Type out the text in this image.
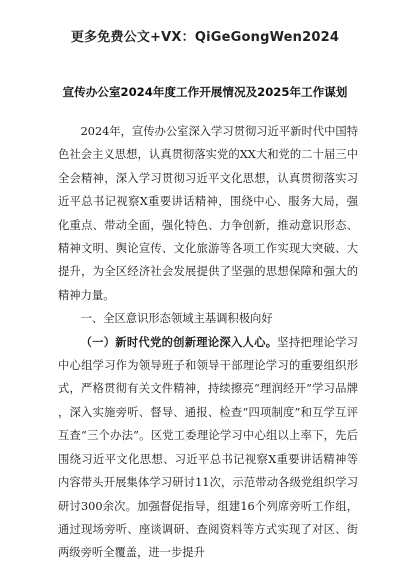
更多免费公文+VX：QiGeGongWen2024
宣传办公室2024年度工作开展情况及2025年工作谋划

2024年，宣传办公室深入学习贯彻习近平新时代中国特色社会主义思想，认真贯彻落实党的XX大和党的二十届三中全会精神，深入学习贯彻习近平文化思想，认真贯彻落实习近平总书记视察X重要讲话精神，围绕中心、服务大局，强化重点、带动全面，强化特色、力争创新，推动意识形态、精神文明、舆论宣传、文化旅游等各项工作实现大突破、大提升，为全区经济社会发展提供了坚强的思想保障和强大的精神力量。

一、全区意识形态领域主基调积极向好

（一）新时代党的创新理论深入人心。坚持把理论学习中心组学习作为领导班子和领导干部理论学习的重要组织形式，严格贯彻有关文件精神，持续擦亮“理润经开”学习品牌，深入实施旁听、督导、通报、检查“四项制度”和互学互评互查“三个办法”。区党工委理论学习中心组以上率下，先后围绕习近平文化思想、习近平总书记视察X重要讲话精神等内容带头开展集体学习研讨11次，示范带动各级党组织学习研讨300余次。加强督促指导，组建16个列席旁听工作组，通过现场旁听、座谈调研、查阅资料等方式实现了对区、街两级旁听全覆盖，进一步提升
